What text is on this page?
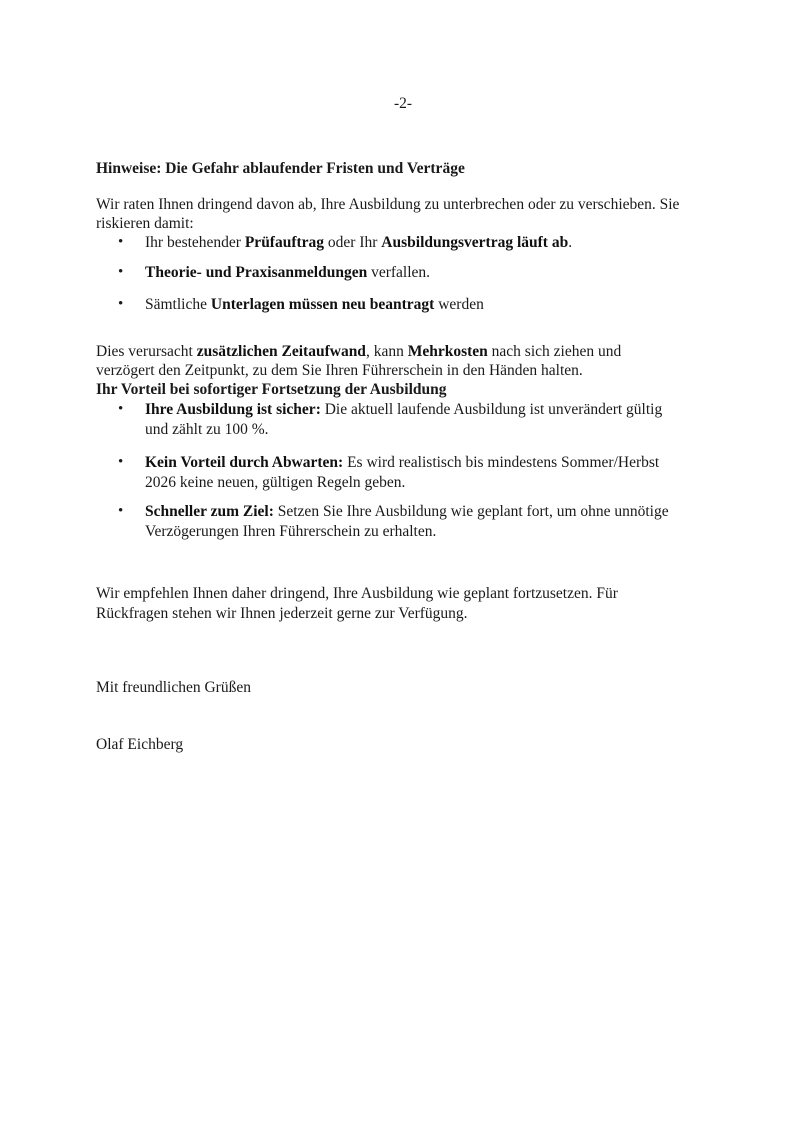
-2-
Hinweise: Die Gefahr ablaufender Fristen und Verträge
Wir raten Ihnen dringend davon ab, Ihre Ausbildung zu unterbrechen oder zu verschieben. Sie
riskieren damit:
• Ihr bestehender Prüfauftrag oder Ihr Ausbildungsvertrag läuft ab.
• Theorie- und Praxisanmeldungen verfallen.
• Sämtliche Unterlagen müssen neu beantragt werden
Dies verursacht zusätzlichen Zeitaufwand, kann Mehrkosten nach sich ziehen und
verzögert den Zeitpunkt, zu dem Sie Ihren Führerschein in den Händen halten.
Ihr Vorteil bei sofortiger Fortsetzung der Ausbildung
• Ihre Ausbildung ist sicher: Die aktuell laufende Ausbildung ist unverändert gültig
und zählt zu 100 %.
• Kein Vorteil durch Abwarten: Es wird realistisch bis mindestens Sommer/Herbst
2026 keine neuen, gültigen Regeln geben.
• Schneller zum Ziel: Setzen Sie Ihre Ausbildung wie geplant fort, um ohne unnötige
Verzögerungen Ihren Führerschein zu erhalten.
Wir empfehlen Ihnen daher dringend, Ihre Ausbildung wie geplant fortzusetzen. Für
Rückfragen stehen wir Ihnen jederzeit gerne zur Verfügung.
Mit freundlichen Grüßen
Olaf Eichberg
